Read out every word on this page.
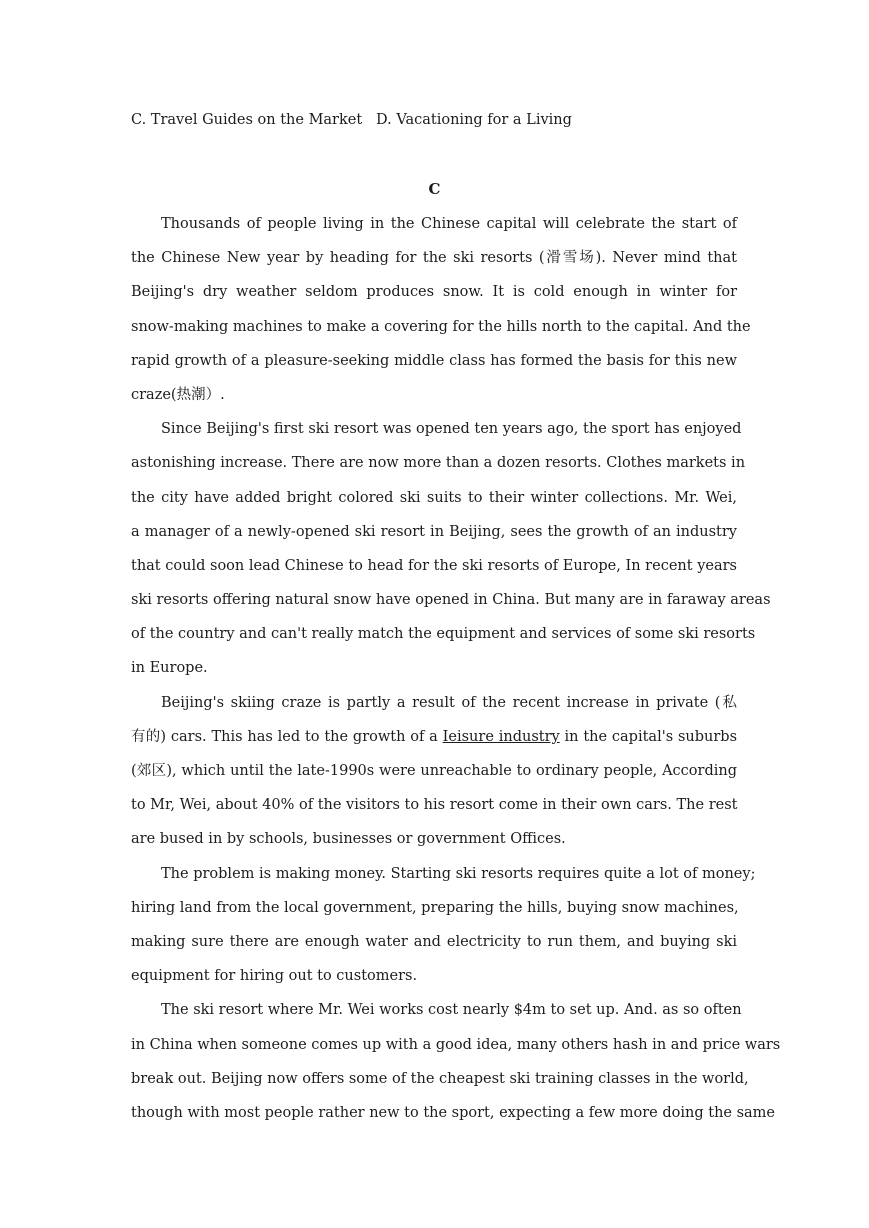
C. Travel Guides on the Market D. Vacationing for a Living
C
Thousands of people living in the Chinese capital will celebrate the start of
the Chinese New year by heading for the ski resorts (滑雪场). Never mind that
Beijing's dry weather seldom produces snow. It is cold enough in winter for
snow-making machines to make a covering for the hills north to the capital. And the
rapid growth of a pleasure-seeking middle class has formed the basis for this new
craze(热潮）.
Since Beijing's first ski resort was opened ten years ago, the sport has enjoyed
astonishing increase. There are now more than a dozen resorts. Clothes markets in
the city have added bright colored ski suits to their winter collections. Mr. Wei,
a manager of a newly-opened ski resort in Beijing, sees the growth of an industry
that could soon lead Chinese to head for the ski resorts of Europe, In recent years
ski resorts offering natural snow have opened in China. But many are in faraway areas
of the country and can't really match the equipment and services of some ski resorts
in Europe.
Beijing's skiing craze is partly a result of the recent increase in private (私
有的) cars. This has led to the growth of a Ieisure industry in the capital's suburbs
(郊区), which until the late-1990s were unreachable to ordinary people, According
to Mr, Wei, about 40% of the visitors to his resort come in their own cars. The rest
are bused in by schools, businesses or government Offices.
The problem is making money. Starting ski resorts requires quite a lot of money;
hiring land from the local government, preparing the hills, buying snow machines,
making sure there are enough water and electricity to run them, and buying ski
equipment for hiring out to customers.
The ski resort where Mr. Wei works cost nearly $4m to set up. And. as so often
in China when someone comes up with a good idea, many others hash in and price wars
break out. Beijing now offers some of the cheapest ski training classes in the world,
though with most people rather new to the sport, expecting a few more doing the same
